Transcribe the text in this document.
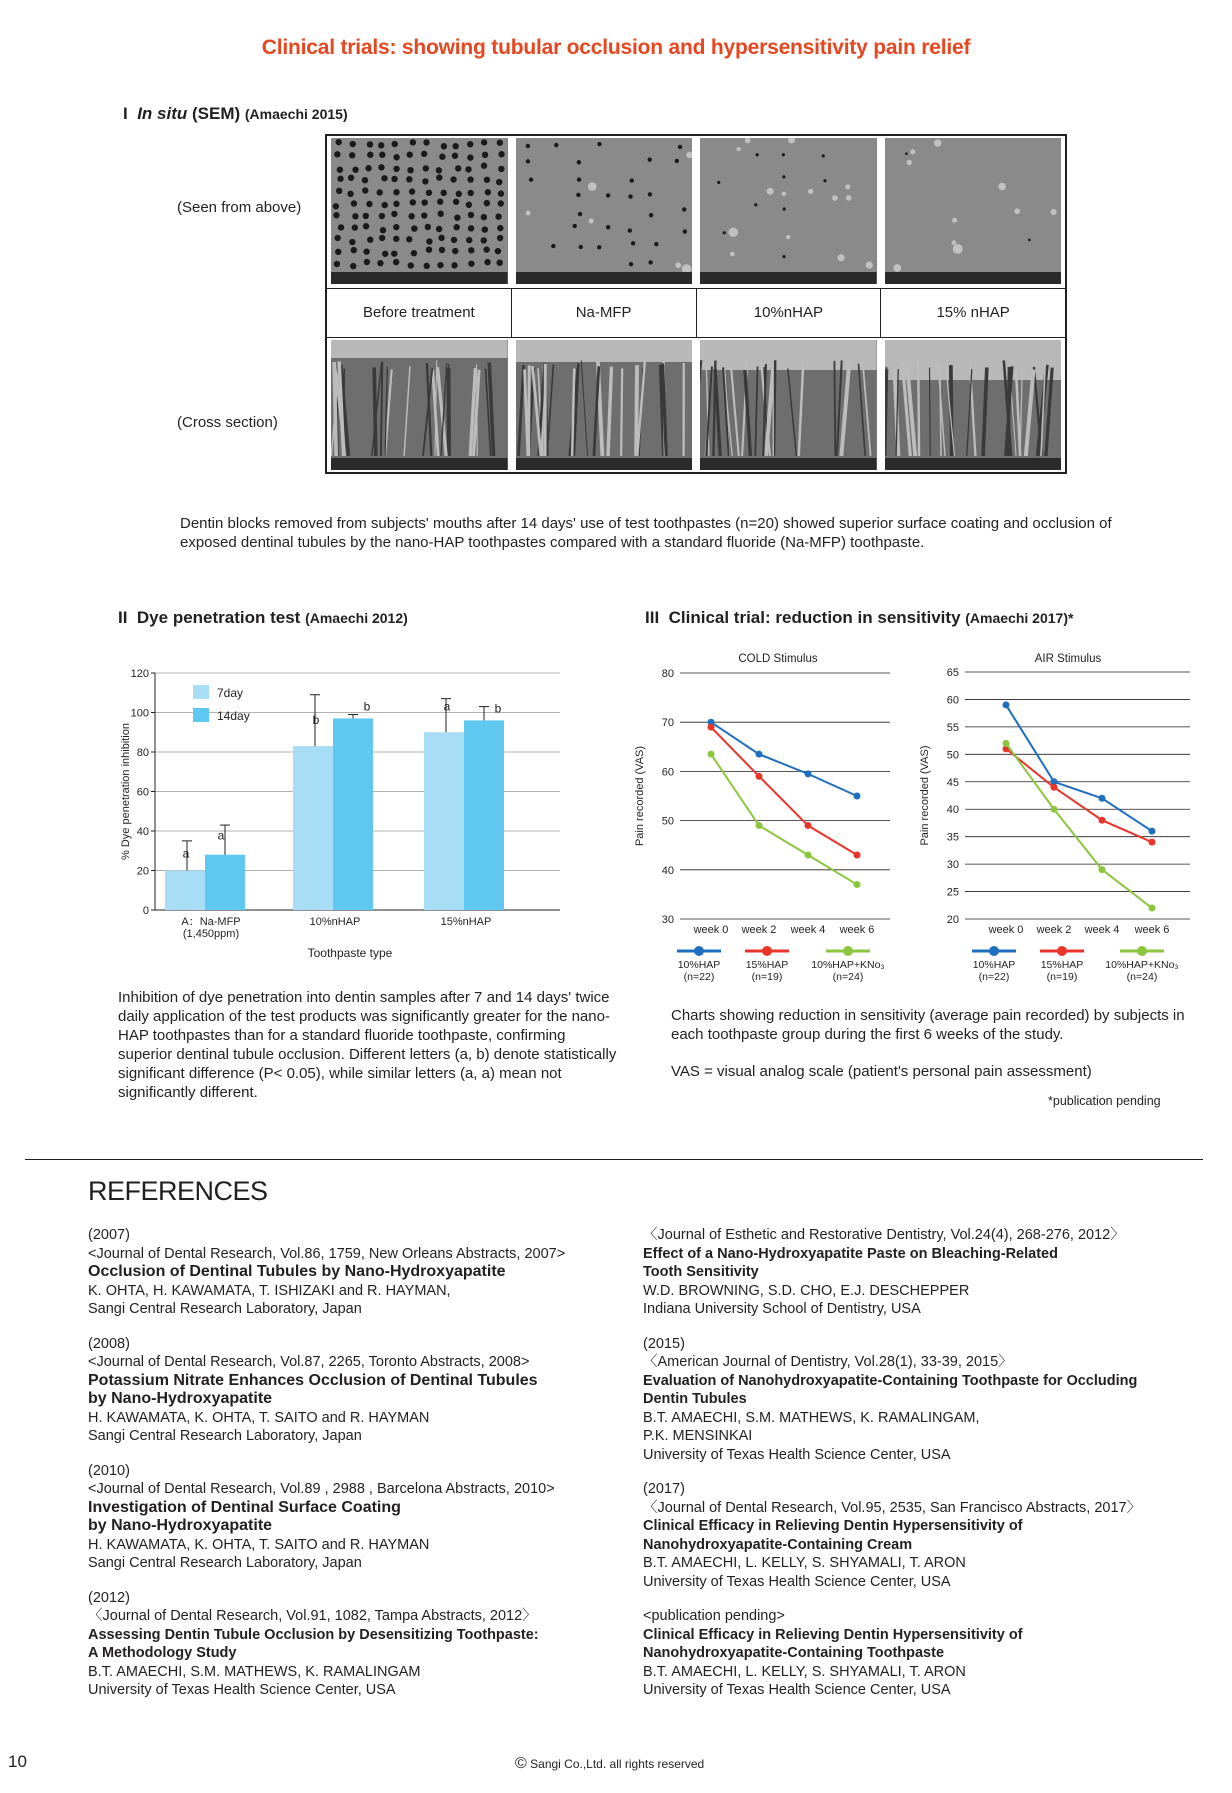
Clinical trials: showing tubular occlusion and hypersensitivity pain relief
I In situ (SEM) (Amaechi 2015)
(Seen from above)
(Cross section)
Before treatment	Na-MFP	10%nHAP	15% nHAP
Dentin blocks removed from subjects' mouths after 14 days' use of test toothpastes (n=20) showed superior surface coating and occlusion of exposed dentinal tubules by the nano-HAP toothpastes compared with a standard fluoride (Na-MFP) toothpaste.
II Dye penetration test (Amaechi 2012)	III Clinical trial: reduction in sensitivity (Amaechi 2017)*
0
20
40
60
80
100
120
% Dye penetration inhibition	a
a
b
b	a	b
A：Na-MFP
(1,450ppm)
10%nHAP	15%nHAP
Toothpaste type
7day
14day
COLD Stimulus
30
40
50
60
70
80
Pain recorded (VAS)
week 0 week 2 week 4 week 6
10%HAP
(n=22)
15%HAP
(n=19)
10%HAP+KNo₃
(n=24)
AIR Stimulus
20
25
30
35
40
45
50
55
60
65
Pain recorded (VAS)
week 0 week 2 week 4 week 6
10%HAP
(n=22)
15%HAP
(n=19)
10%HAP+KNo₃
(n=24)
Inhibition of dye penetration into dentin samples after 7 and 14 days' twice daily application of the test products was significantly greater for the nano-HAP toothpastes than for a standard fluoride toothpaste, confirming superior dentinal tubule occlusion. Different letters (a, b) denote statistically significant difference (P< 0.05), while similar letters (a, a) mean not significantly different.
Charts showing reduction in sensitivity (average pain recorded) by subjects in each toothpaste group during the first 6 weeks of the study.
VAS = visual analog scale (patient's personal pain assessment)
*publication pending
REFERENCES

(2007)

<Journal of Dental Research, Vol.86, 1759, New Orleans Abstracts, 2007>

Occlusion of Dentinal Tubules by Nano-Hydroxyapatite

K. OHTA, H. KAWAMATA, T. ISHIZAKI and R. HAYMAN,

Sangi Central Research Laboratory, Japan

(2008)

<Journal of Dental Research, Vol.87, 2265, Toronto Abstracts, 2008>

Potassium Nitrate Enhances Occlusion of Dentinal Tubules

by Nano-Hydroxyapatite

H. KAWAMATA, K. OHTA, T. SAITO and R. HAYMAN

Sangi Central Research Laboratory, Japan

(2010)

<Journal of Dental Research, Vol.89 , 2988 , Barcelona Abstracts, 2010>

Investigation of Dentinal Surface Coating

by Nano-Hydroxyapatite

H. KAWAMATA, K. OHTA, T. SAITO and R. HAYMAN

Sangi Central Research Laboratory, Japan

(2012)

〈Journal of Dental Research, Vol.91, 1082, Tampa Abstracts, 2012〉

Assessing Dentin Tubule Occlusion by Desensitizing Toothpaste:

A Methodology Study

B.T. AMAECHI, S.M. MATHEWS, K. RAMALINGAM

University of Texas Health Science Center, USA

〈Journal of Esthetic and Restorative Dentistry, Vol.24(4), 268-276, 2012〉

Effect of a Nano-Hydroxyapatite Paste on Bleaching-Related

Tooth Sensitivity

W.D. BROWNING, S.D. CHO, E.J. DESCHEPPER

Indiana University School of Dentistry, USA

(2015)

〈American Journal of Dentistry, Vol.28(1), 33-39, 2015〉

Evaluation of Nanohydroxyapatite-Containing Toothpaste for Occluding

Dentin Tubules

B.T. AMAECHI, S.M. MATHEWS, K. RAMALINGAM,

P.K. MENSINKAI

University of Texas Health Science Center, USA

(2017)

〈Journal of Dental Research, Vol.95, 2535, San Francisco Abstracts, 2017〉

Clinical Efficacy in Relieving Dentin Hypersensitivity of

Nanohydroxyapatite-Containing Cream

B.T. AMAECHI, L. KELLY, S. SHYAMALI, T. ARON

University of Texas Health Science Center, USA

<publication pending>

Clinical Efficacy in Relieving Dentin Hypersensitivity of

Nanohydroxyapatite-Containing Toothpaste

B.T. AMAECHI, L. KELLY, S. SHYAMALI, T. ARON

University of Texas Health Science Center, USA

10	© Sangi Co.,Ltd. all rights reserved
